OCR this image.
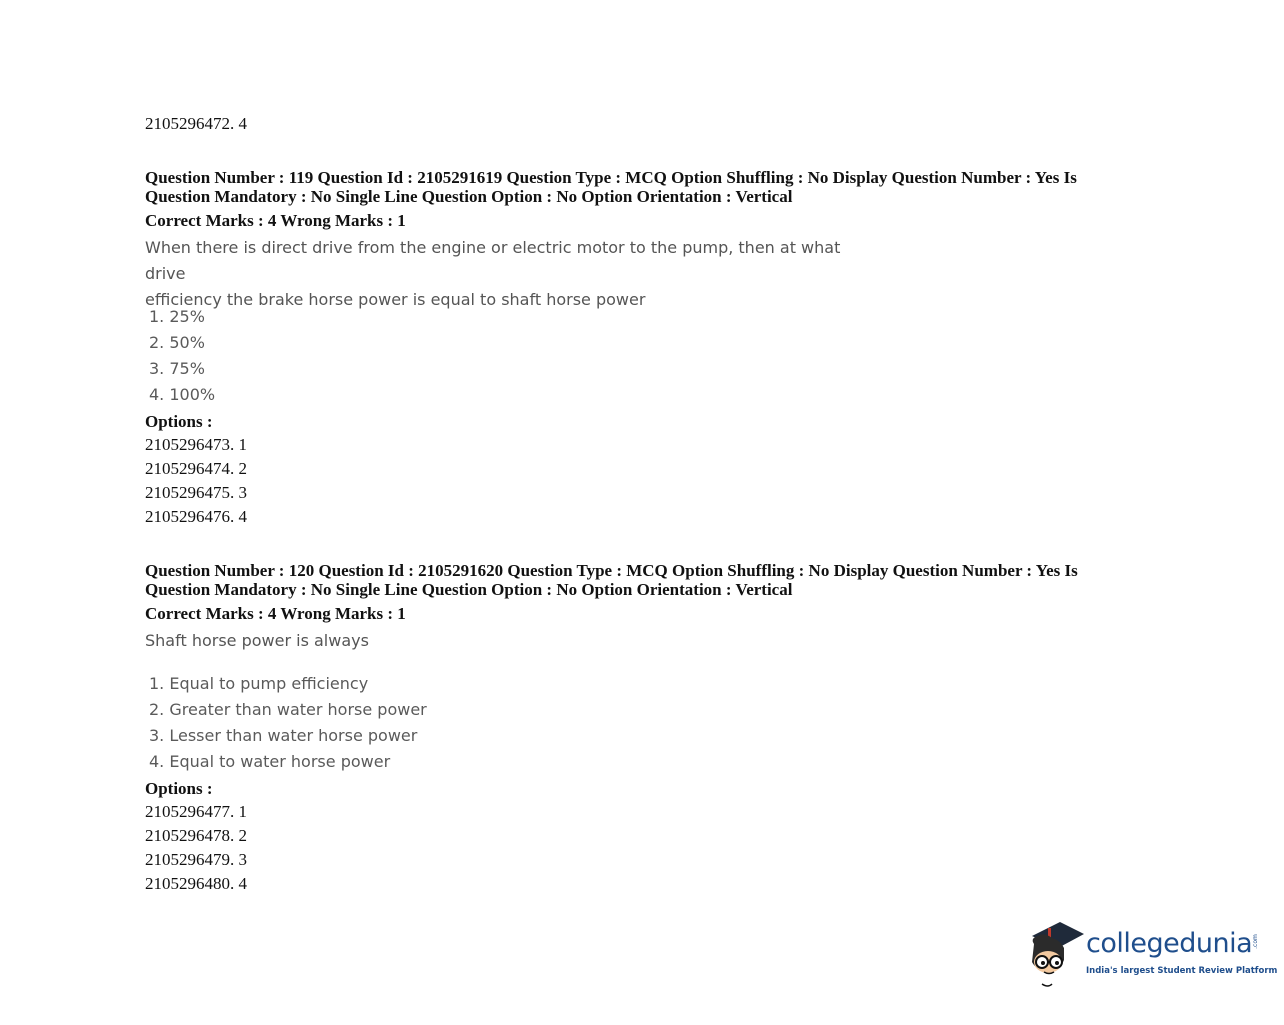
2105296472. 4
Question Number : 119 Question Id : 2105291619 Question Type : MCQ Option Shuffling : No Display Question Number : Yes Is
Question Mandatory : No Single Line Question Option : No Option Orientation : Vertical
Correct Marks : 4 Wrong Marks : 1
When there is direct drive from the engine or electric motor to the pump, then at what drive
efficiency the brake horse power is equal to shaft horse power
1. 25%
2. 50%
3. 75%
4. 100%
Options :
2105296473. 1
2105296474. 2
2105296475. 3
2105296476. 4
Question Number : 120 Question Id : 2105291620 Question Type : MCQ Option Shuffling : No Display Question Number : Yes Is
Question Mandatory : No Single Line Question Option : No Option Orientation : Vertical
Correct Marks : 4 Wrong Marks : 1
Shaft horse power is always
1. Equal to pump efficiency
2. Greater than water horse power
3. Lesser than water horse power
4. Equal to water horse power
Options :
2105296477. 1
2105296478. 2
2105296479. 3
2105296480. 4
collegedunia .com
India's largest Student Review Platform
